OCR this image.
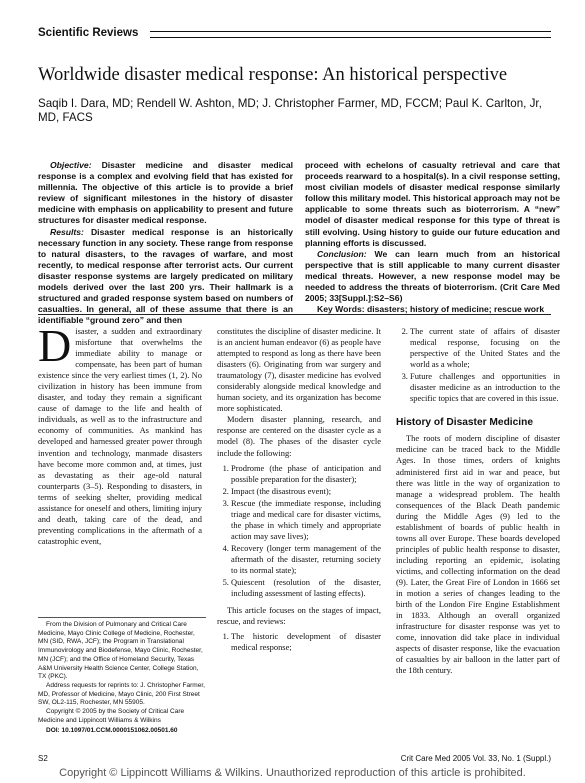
Scientific Reviews
Worldwide disaster medical response: An historical perspective
Saqib I. Dara, MD; Rendell W. Ashton, MD; J. Christopher Farmer, MD, FCCM; Paul K. Carlton, Jr, MD, FACS

Objective: Disaster medicine and disaster medical response is a complex and evolving field that has existed for millennia. The objective of this article is to provide a brief review of significant milestones in the history of disaster medicine with emphasis on applicability to present and future structures for disaster medical response.

Results: Disaster medical response is an historically necessary function in any society. These range from response to natural disasters, to the ravages of warfare, and most recently, to medical response after terrorist acts. Our current disaster response systems are largely predicated on military models derived over the last 200 yrs. Their hallmark is a structured and graded response system based on numbers of casualties. In general, all of these assume that there is an identifiable “ground zero” and then

proceed with echelons of casualty retrieval and care that proceeds rearward to a hospital(s). In a civil response setting, most civilian models of disaster medical response similarly follow this military model. This historical approach may not be applicable to some threats such as bioterrorism. A “new” model of disaster medical response for this type of threat is still evolving. Using history to guide our future education and planning efforts is discussed.

Conclusion: We can learn much from an historical perspective that is still applicable to many current disaster medical threats. However, a new response model may be needed to address the threats of bioterrorism. (Crit Care Med 2005; 33[Suppl.]:S2–S6)

Key Words: disasters; history of medicine; rescue work

Disaster, a sudden and extraordinary misfortune that overwhelms the immediate ability to manage or compensate, has been part of human existence since the very earliest times (1, 2). No civilization in history has been immune from disaster, and today they remain a significant cause of damage to the life and health of individuals, as well as to the infrastructure and economy of communities. As mankind has developed and harnessed greater power through invention and technology, manmade disasters have become more common and, at times, just as devastating as their age-old natural counterparts (3–5). Responding to disasters, in terms of seeking shelter, providing medical assistance for oneself and others, limiting injury and death, taking care of the dead, and preventing complications in the aftermath of a catastrophic event,

constitutes the discipline of disaster medicine. It is an ancient human endeavor (6) as people have attempted to respond as long as there have been disasters (6). Originating from war surgery and traumatology (7), disaster medicine has evolved considerably alongside medical knowledge and human society, and its organization has become more sophisticated.

Modern disaster planning, research, and response are centered on the disaster cycle as a model (8). The phases of the disaster cycle include the following:

1. Prodrome (the phase of anticipation and possible preparation for the disaster);
2. Impact (the disastrous event);
3. Rescue (the immediate response, including triage and medical care for disaster victims, the phase in which timely and appropriate action may save lives);
4. Recovery (longer term management of the aftermath of the disaster, returning society to its normal state);
5. Quiescent (resolution of the disaster, including assessment of lasting effects).

This article focuses on the stages of impact, rescue, and reviews:

1. The historic development of disaster medical response;
2. The current state of affairs of disaster medical response, focusing on the perspective of the United States and the world as a whole;
3. Future challenges and opportunities in disaster medicine as an introduction to the specific topics that are covered in this issue.
History of Disaster Medicine

The roots of modern discipline of disaster medicine can be traced back to the Middle Ages. In those times, orders of knights administered first aid in war and peace, but there was little in the way of organization to manage a widespread problem. The health consequences of the Black Death pandemic during the Middle Ages (9) led to the establishment of boards of public health in towns all over Europe. These boards developed principles of public health response to disaster, including reporting an epidemic, isolating victims, and collecting information on the dead (9). Later, the Great Fire of London in 1666 set in motion a series of changes leading to the birth of the London Fire Engine Establishment in 1833. Although an overall organized infrastructure for disaster response was yet to come, innovation did take place in individual aspects of disaster response, like the evacuation of casualties by air balloon in the latter part of the 18th century.

From the Division of Pulmonary and Critical Care Medicine, Mayo Clinic College of Medicine, Rochester, MN (SID, RWA, JCF); the Program in Translational Immunovirology and Biodefense, Mayo Clinic, Rochester, MN (JCF); and the Office of Homeland Security, Texas A&M University Health Science Center, College Station, TX (PKC).

Address requests for reprints to: J. Christopher Farmer, MD, Professor of Medicine, Mayo Clinic, 200 First Street SW, OL2-115, Rochester, MN 55905.

Copyright © 2005 by the Society of Critical Care Medicine and Lippincott Williams & Wilkins

DOI: 10.1097/01.CCM.0000151062.00501.60
S2	Crit Care Med 2005 Vol. 33, No. 1 (Suppl.)
Copyright © Lippincott Williams & Wilkins. Unauthorized reproduction of this article is prohibited.
